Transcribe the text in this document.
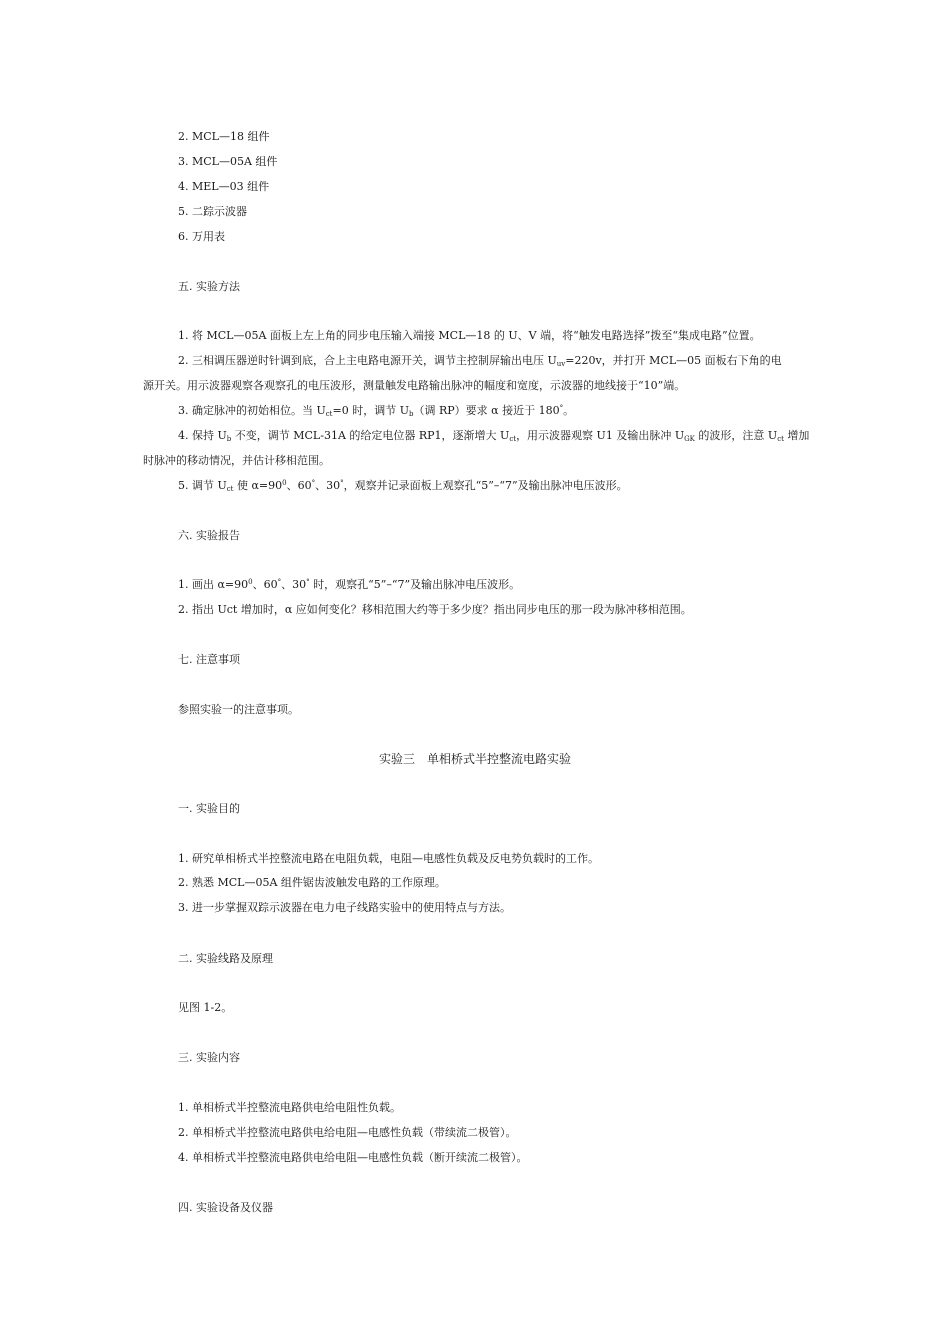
2. MCL—18 组件
3. MCL—05A 组件
4. MEL—03 组件
5. 二踪示波器
6. 万用表
五. 实验方法
1. 将 MCL—05A 面板上左上角的同步电压输入端接 MCL—18 的 U、V 端，将“触发电路选择”拨至“集成电路”位置。
2. 三相调压器逆时针调到底，合上主电路电源开关，调节主控制屏输出电压 $U_{uv}=220v$，并打开 MCL—05 面板右下角的电
源开关。用示波器观察各观察孔的电压波形，测量触发电路输出脉冲的幅度和宽度，示波器的地线接于“10”端。
3. 确定脉冲的初始相位。当 $U_{ct}=0$ 时，调节 $U_b$（调 RP）要求 α 接近于 180°。
4. 保持 $U_b$ 不变，调节 MCL-31A 的给定电位器 RP1，逐渐增大 $U_{ct}$，用示波器观察 U1 及输出脉冲 $U_{GK}$ 的波形，注意 $U_{ct}$ 增加
时脉冲的移动情况，并估计移相范围。
5. 调节 $U_{ct}$ 使 $\alpha=90^0$、60°、30°，观察并记录面板上观察孔“5”–“7”及输出脉冲电压波形。
六. 实验报告
1. 画出 $\alpha=90^0$、60°、30° 时，观察孔“5”–“7”及输出脉冲电压波形。
2. 指出 Uct 增加时，α 应如何变化？移相范围大约等于多少度？指出同步电压的那一段为脉冲移相范围。
七. 注意事项
参照实验一的注意事项。
实验三　单相桥式半控整流电路实验
一. 实验目的
1. 研究单相桥式半控整流电路在电阻负载，电阻—电感性负载及反电势负载时的工作。
2. 熟悉 MCL—05A 组件锯齿波触发电路的工作原理。
3. 进一步掌握双踪示波器在电力电子线路实验中的使用特点与方法。
二. 实验线路及原理
见图 1-2。
三. 实验内容
1. 单相桥式半控整流电路供电给电阻性负载。
2. 单相桥式半控整流电路供电给电阻—电感性负载（带续流二极管）。
4. 单相桥式半控整流电路供电给电阻—电感性负载（断开续流二极管）。
四. 实验设备及仪器
